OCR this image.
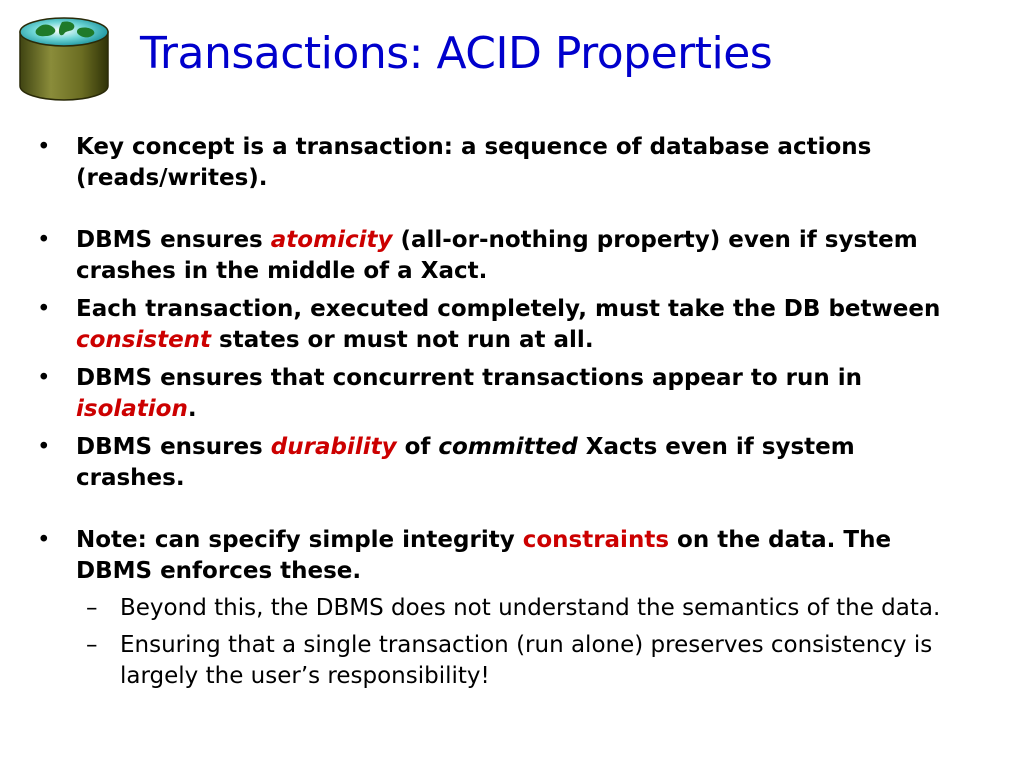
Transactions: ACID Properties
• Key concept is a transaction: a sequence of database actions (reads/writes).
• DBMS ensures atomicity (all-or-nothing property) even if system crashes in the middle of a Xact.
• Each transaction, executed completely, must take the DB between consistent states or must not run at all.
• DBMS ensures that concurrent transactions appear to run in isolation.
• DBMS ensures durability of committed Xacts even if system crashes.
• Note: can specify simple integrity constraints on the data. The DBMS enforces these.
– Beyond this, the DBMS does not understand the semantics of the data.
– Ensuring that a single transaction (run alone) preserves consistency is largely the user’s responsibility!
